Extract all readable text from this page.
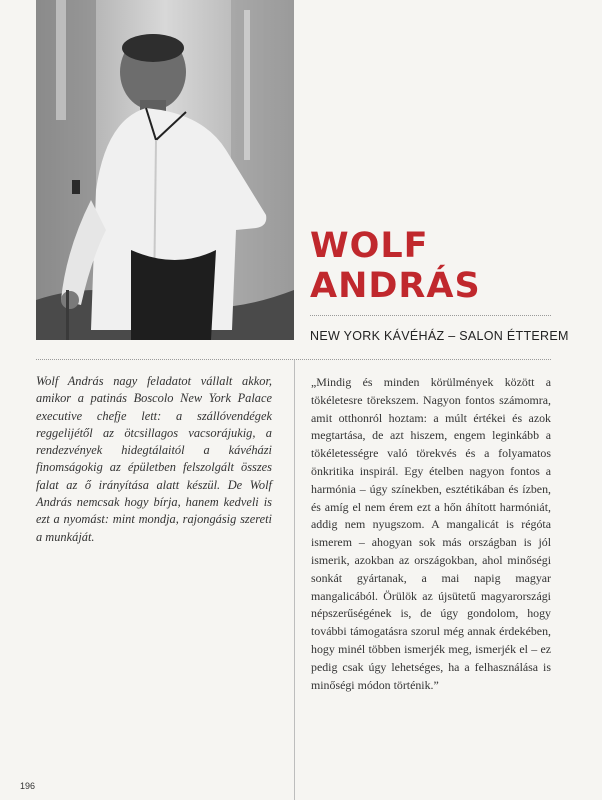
WOLF
ANDRÁS
NEW YORK KÁVÉHÁZ – SALON ÉTTEREM
Wolf András nagy feladatot vállalt akkor, amikor a patinás Boscolo New York Palace executive chefje lett: a szállóvendégek reggelijétől az ötcsillagos vacsorájukig, a rendezvények hidegtálaitól a kávéházi finomságokig az épületben felszolgált összes falat az ő irányítása alatt készül. De Wolf András nemcsak hogy bírja, hanem kedveli is ezt a nyomást: mint mondja, rajongásig szereti a munkáját.
„Mindig és minden körülmények között a tökéletesre törekszem. Nagyon fontos számomra, amit otthonról hoztam: a múlt értékei és azok megtartása, de azt hiszem, engem leginkább a tökéletességre való törekvés és a folyamatos önkritika inspirál. Egy ételben nagyon fontos a harmónia – úgy színekben, esztétikában és ízben, és amíg el nem érem ezt a hőn áhított harmóniát, addig nem nyugszom. A mangalicát is régóta ismerem – ahogyan sok más országban is jól ismerik, azokban az országokban, ahol minőségi sonkát gyártanak, a mai napig magyar mangalicából. Örülök az újsütetű magyarországi népszerűségének is, de úgy gondolom, hogy további támogatásra szorul még annak érdekében, hogy minél többen ismerjék meg, ismerjék el – ez pedig csak úgy lehetséges, ha a felhasználása is minőségi módon történik.”
196
